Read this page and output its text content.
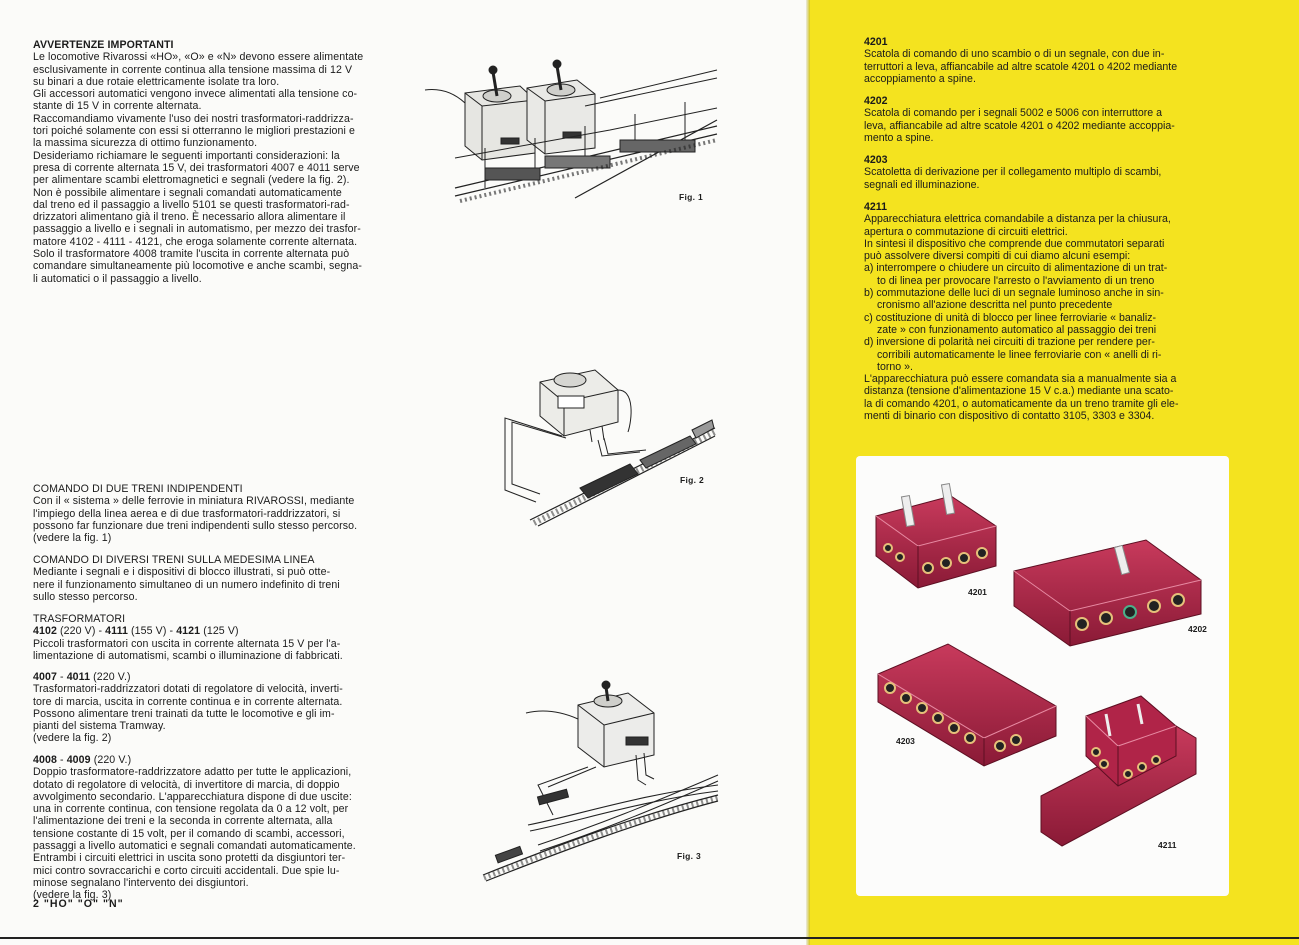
AVVERTENZE IMPORTANTI

Le locomotive Rivarossi «HO», «O» e «N» devono essere alimentate

esclusivamente in corrente continua alla tensione massima di 12 V

su binari a due rotaie elettricamente isolate tra loro.

Gli accessori automatici vengono invece alimentati alla tensione co-

stante di 15 V in corrente alternata.

Raccomandiamo vivamente l'uso dei nostri trasformatori-raddrizza-

tori poiché solamente con essi si otterranno le migliori prestazioni e

la massima sicurezza di ottimo funzionamento.

Desideriamo richiamare le seguenti importanti considerazioni: la

presa di corrente alternata 15 V, dei trasformatori 4007 e 4011 serve

per alimentare scambi elettromagnetici e segnali (vedere la fig. 2).

Non è possibile alimentare i segnali comandati automaticamente

dal treno ed il passaggio a livello 5101 se questi trasformatori-rad-

drizzatori alimentano già il treno. È necessario allora alimentare il

passaggio a livello e i segnali in automatismo, per mezzo dei trasfor-

matore 4102 - 4111 - 4121, che eroga solamente corrente alternata.

Solo il trasformatore 4008 tramite l'uscita in corrente alternata può

comandare simultaneamente più locomotive e anche scambi, segna-

li automatici o il passaggio a livello.

COMANDO DI DUE TRENI INDIPENDENTI

Con il « sistema » delle ferrovie in miniatura RIVAROSSI, mediante

l'impiego della linea aerea e di due trasformatori-raddrizzatori, si

possono far funzionare due treni indipendenti sullo stesso percorso.

(vedere la fig. 1)

COMANDO DI DIVERSI TRENI SULLA MEDESIMA LINEA

Mediante i segnali e i dispositivi di blocco illustrati, si può otte-

nere il funzionamento simultaneo di un numero indefinito di treni

sullo stesso percorso.

TRASFORMATORI

4102 (220 V) - 4111 (155 V) - 4121 (125 V)

Piccoli trasformatori con uscita in corrente alternata 15 V per l'a-

limentazione di automatismi, scambi o illuminazione di fabbricati.

4007 - 4011 (220 V.)

Trasformatori-raddrizzatori dotati di regolatore di velocità, inverti-

tore di marcia, uscita in corrente continua e in corrente alternata.

Possono alimentare treni trainati da tutte le locomotive e gli im-

pianti del sistema Tramway.

(vedere la fig. 2)

4008 - 4009 (220 V.)

Doppio trasformatore-raddrizzatore adatto per tutte le applicazioni,

dotato di regolatore di velocità, di invertitore di marcia, di doppio

avvolgimento secondario. L'apparecchiatura dispone di due uscite:

una in corrente continua, con tensione regolata da 0 a 12 volt, per

l'alimentazione dei treni e la seconda in corrente alternata, alla

tensione costante di 15 volt, per il comando di scambi, accessori,

passaggi a livello automatici e segnali comandati automaticamente.

Entrambi i circuiti elettrici in uscita sono protetti da disgiuntori ter-

mici contro sovraccarichi e corto circuiti accidentali. Due spie lu-

minose segnalano l'intervento dei disgiuntori.

(vedere la fig. 3)

2 "HO" "O" "N"
Fig. 1
Fig. 2
Fig. 3

4201

Scatola di comando di uno scambio o di un segnale, con due in-

terruttori a leva, affiancabile ad altre scatole 4201 o 4202 mediante

accoppiamento a spine.

4202

Scatola di comando per i segnali 5002 e 5006 con interruttore a

leva, affiancabile ad altre scatole 4201 o 4202 mediante accoppia-

mento a spine.

4203

Scatoletta di derivazione per il collegamento multiplo di scambi,

segnali ed illuminazione.

4211

Apparecchiatura elettrica comandabile a distanza per la chiusura,

apertura o commutazione di circuiti elettrici.

In sintesi il dispositivo che comprende due commutatori separati

può assolvere diversi compiti di cui diamo alcuni esempi:

a) interrompere o chiudere un circuito di alimentazione di un trat-

to di linea per provocare l'arresto o l'avviamento di un treno

b) commutazione delle luci di un segnale luminoso anche in sin-

cronismo all'azione descritta nel punto precedente

c) costituzione di unità di blocco per linee ferroviarie « banaliz-

zate » con funzionamento automatico al passaggio dei treni

d) inversione di polarità nei circuiti di trazione per rendere per-

corribili automaticamente le linee ferroviarie con « anelli di ri-

torno ».

L'apparecchiatura può essere comandata sia a manualmente sia a

distanza (tensione d'alimentazione 15 V c.a.) mediante una scato-

la di comando 4201, o automaticamente da un treno tramite gli ele-

menti di binario con dispositivo di contatto 3105, 3303 e 3304.

4201
4202
4203
4211
